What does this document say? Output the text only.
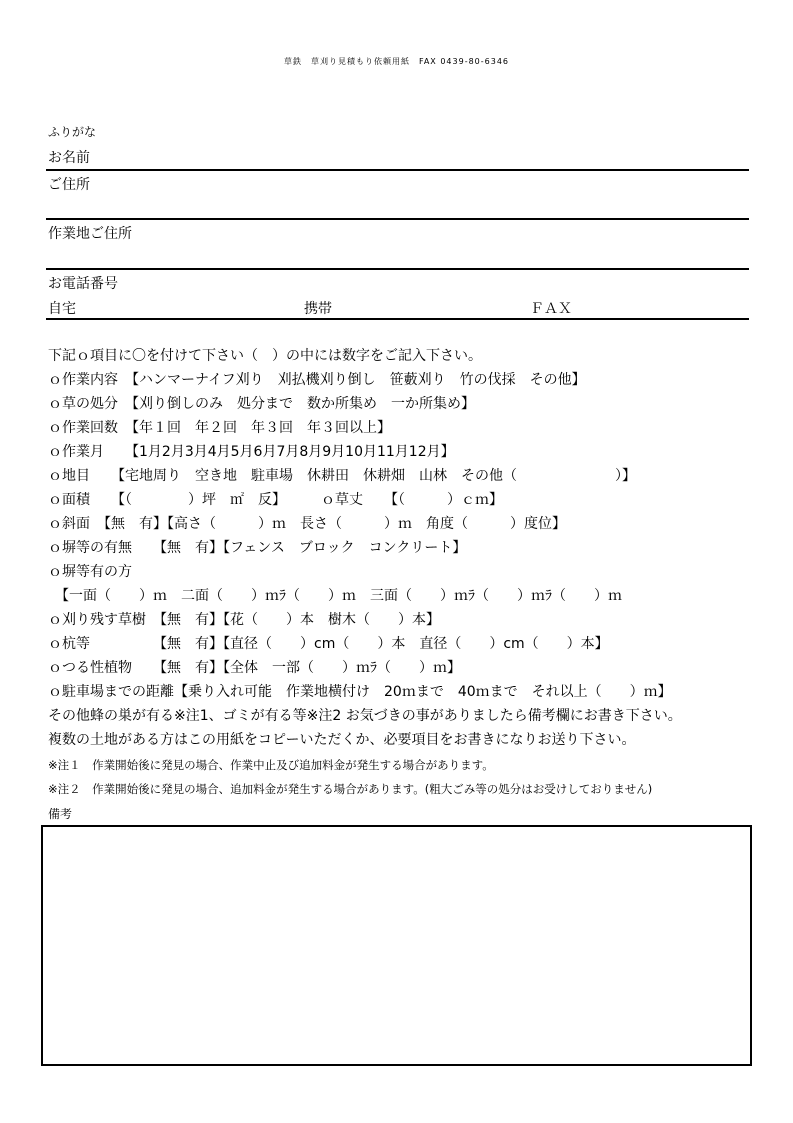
草鉄　草刈り見積もり依頼用紙　FAX 0439-80-6346
ふりがな
お名前
ご住所
作業地ご住所
お電話番号
自宅	携帯	ＦＡＸ
下記ｏ項目に〇を付けて下さい（　）の中には数字をご記入下さい。
ｏ作業内容　【ハンマーナイフ刈り　刈払機刈り倒し　笹藪刈り　竹の伐採　その他】
ｏ草の処分　【刈り倒しのみ　処分まで　数か所集め　一か所集め】
ｏ作業回数　【年１回　年２回　年３回　年３回以上】
ｏ作業月　　【1月2月3月4月5月6月7月8月9月10月11月12月】
ｏ地目　　【宅地周り　空き地　駐車場　休耕田　休耕畑　山林　その他（　　　　　　　）】
ｏ面積　　【（　　　　）坪　㎡　反】　　　ｏ草丈　　【（　　　）ｃｍ】
ｏ斜面　【無　有】【高さ（　　　）ｍ　長さ（　　　）ｍ　角度（　　　）度位】
ｏ塀等の有無　　【無　有】【フェンス　ブロック　コンクリート】
ｏ塀等有の方
　【一面（　　）ｍ　二面（　　）ｍﾗ（　　）ｍ　三面（　　）ｍﾗ（　　）ｍﾗ（　　）ｍ
ｏ刈り残す草樹　【無　有】【花（　　）本　樹木（　　）本】
ｏ杭等　　　　　【無　有】【直径（　　）cm（　　）本　直径（　　）cm（　　）本】
ｏつる性植物　　【無　有】【全体　一部（　　）ｍﾗ（　　）ｍ】
ｏ駐車場までの距離【乗り入れ可能　作業地横付け　20ｍまで　40ｍまで　それ以上（　　）ｍ】
その他蜂の巣が有る※注1、ゴミが有る等※注2 お気づきの事がありましたら備考欄にお書き下さい。
複数の土地がある方はこの用紙をコピーいただくか、必要項目をお書きになりお送り下さい。
※注１　作業開始後に発見の場合、作業中止及び追加料金が発生する場合があります。
※注２　作業開始後に発見の場合、追加料金が発生する場合があります。(粗大ごみ等の処分はお受けしておりません)
備考
